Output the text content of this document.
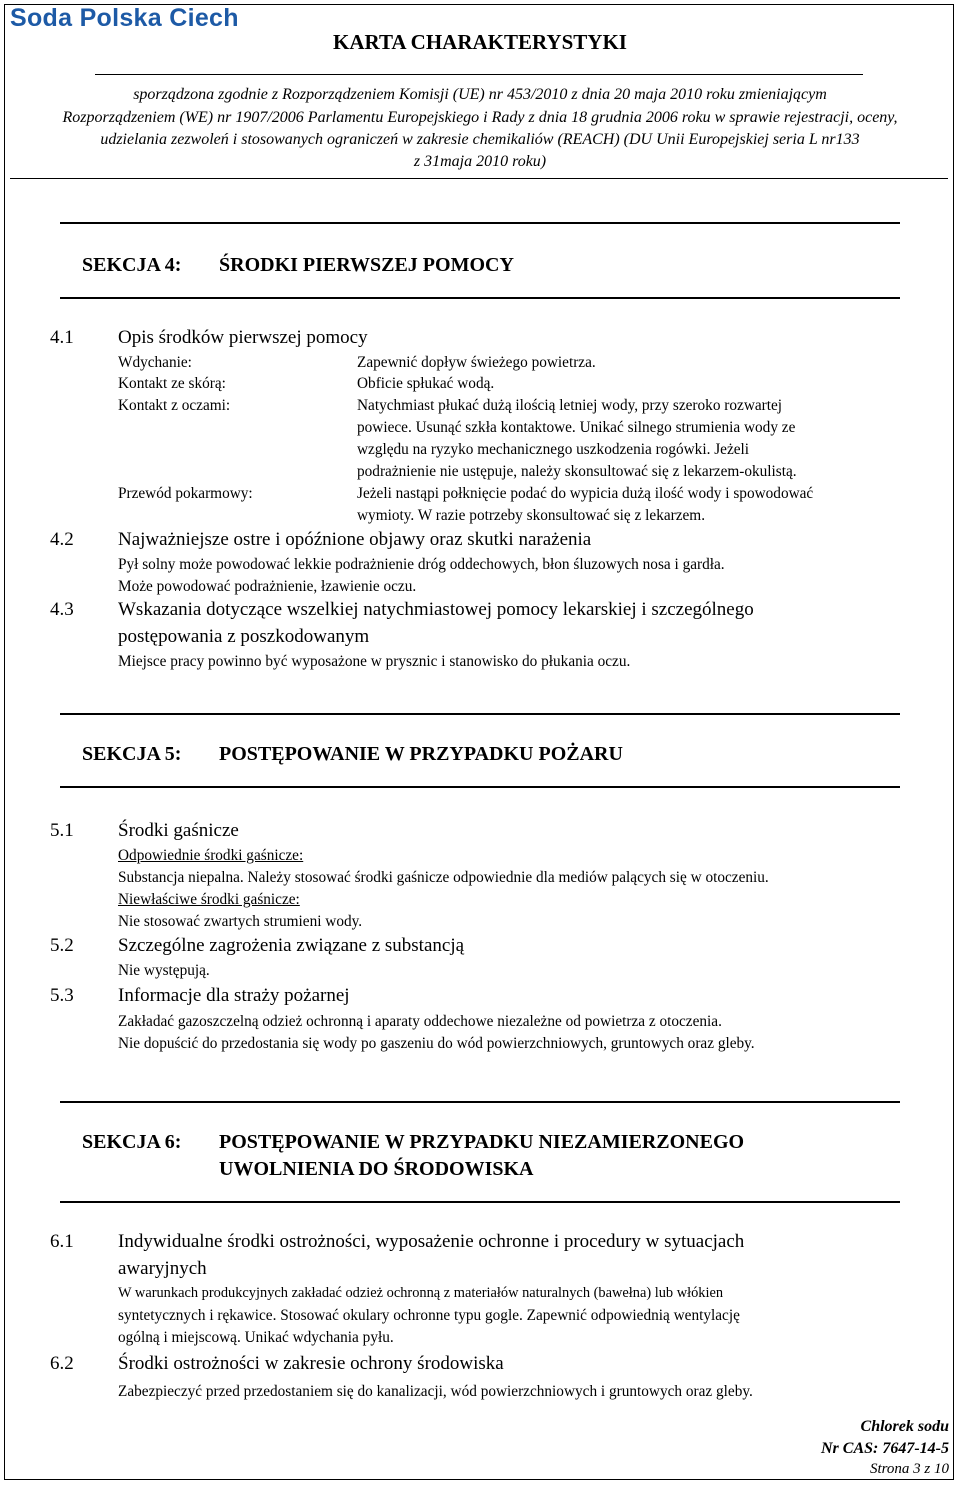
Soda Polska Ciech
KARTA CHARAKTERYSTYKI
sporządzona zgodnie z Rozporządzeniem Komisji (UE) nr 453/2010 z dnia 20 maja 2010 roku zmieniającym
Rozporządzeniem (WE) nr 1907/2006 Parlamentu Europejskiego i Rady z dnia 18 grudnia 2006 roku w sprawie rejestracji, oceny,
udzielania zezwoleń i stosowanych ograniczeń w zakresie chemikaliów (REACH) (DU Unii Europejskiej seria L nr133
z 31maja 2010 roku)
SEKCJA 4: ŚRODKI PIERWSZEJ POMOCY
4.1 Opis środków pierwszej pomocy
Wdychanie:	Zapewnić dopływ świeżego powietrza.
Kontakt ze skórą:	Obficie spłukać wodą.
Kontakt z oczami:	Natychmiast płukać dużą ilością letniej wody, przy szeroko rozwartej
powiece. Usunąć szkła kontaktowe. Unikać silnego strumienia wody ze
względu na ryzyko mechanicznego uszkodzenia rogówki. Jeżeli
podrażnienie nie ustępuje, należy skonsultować się z lekarzem-okulistą.
Przewód pokarmowy:	Jeżeli nastąpi połknięcie podać do wypicia dużą ilość wody i spowodować
wymioty. W razie potrzeby skonsultować się z lekarzem.
4.2 Najważniejsze ostre i opóźnione objawy oraz skutki narażenia
Pył solny może powodować lekkie podrażnienie dróg oddechowych, błon śluzowych nosa i gardła.
Może powodować podrażnienie, łzawienie oczu.
4.3 Wskazania dotyczące wszelkiej natychmiastowej pomocy lekarskiej i szczególnego
postępowania z poszkodowanym
Miejsce pracy powinno być wyposażone w prysznic i stanowisko do płukania oczu.
SEKCJA 5: POSTĘPOWANIE W PRZYPADKU POŻARU
5.1 Środki gaśnicze
Odpowiednie środki gaśnicze:
Substancja niepalna. Należy stosować środki gaśnicze odpowiednie dla mediów palących się w otoczeniu.
Niewłaściwe środki gaśnicze:
Nie stosować zwartych strumieni wody.
5.2 Szczególne zagrożenia związane z substancją
Nie występują.
5.3 Informacje dla straży pożarnej
Zakładać gazoszczelną odzież ochronną i aparaty oddechowe niezależne od powietrza z otoczenia.
Nie dopuścić do przedostania się wody po gaszeniu do wód powierzchniowych, gruntowych oraz gleby.
SEKCJA 6: POSTĘPOWANIE W PRZYPADKU NIEZAMIERZONEGO
UWOLNIENIA DO ŚRODOWISKA
6.1 Indywidualne środki ostrożności, wyposażenie ochronne i procedury w sytuacjach
awaryjnych
W warunkach produkcyjnych zakładać odzież ochronną z materiałów naturalnych (bawełna) lub włókien
syntetycznych i rękawice. Stosować okulary ochronne typu gogle. Zapewnić odpowiednią wentylację
ogólną i miejscową. Unikać wdychania pyłu.
6.2 Środki ostrożności w zakresie ochrony środowiska
Zabezpieczyć przed przedostaniem się do kanalizacji, wód powierzchniowych i gruntowych oraz gleby.
Chlorek sodu
Nr CAS: 7647-14-5
Strona 3 z 10
